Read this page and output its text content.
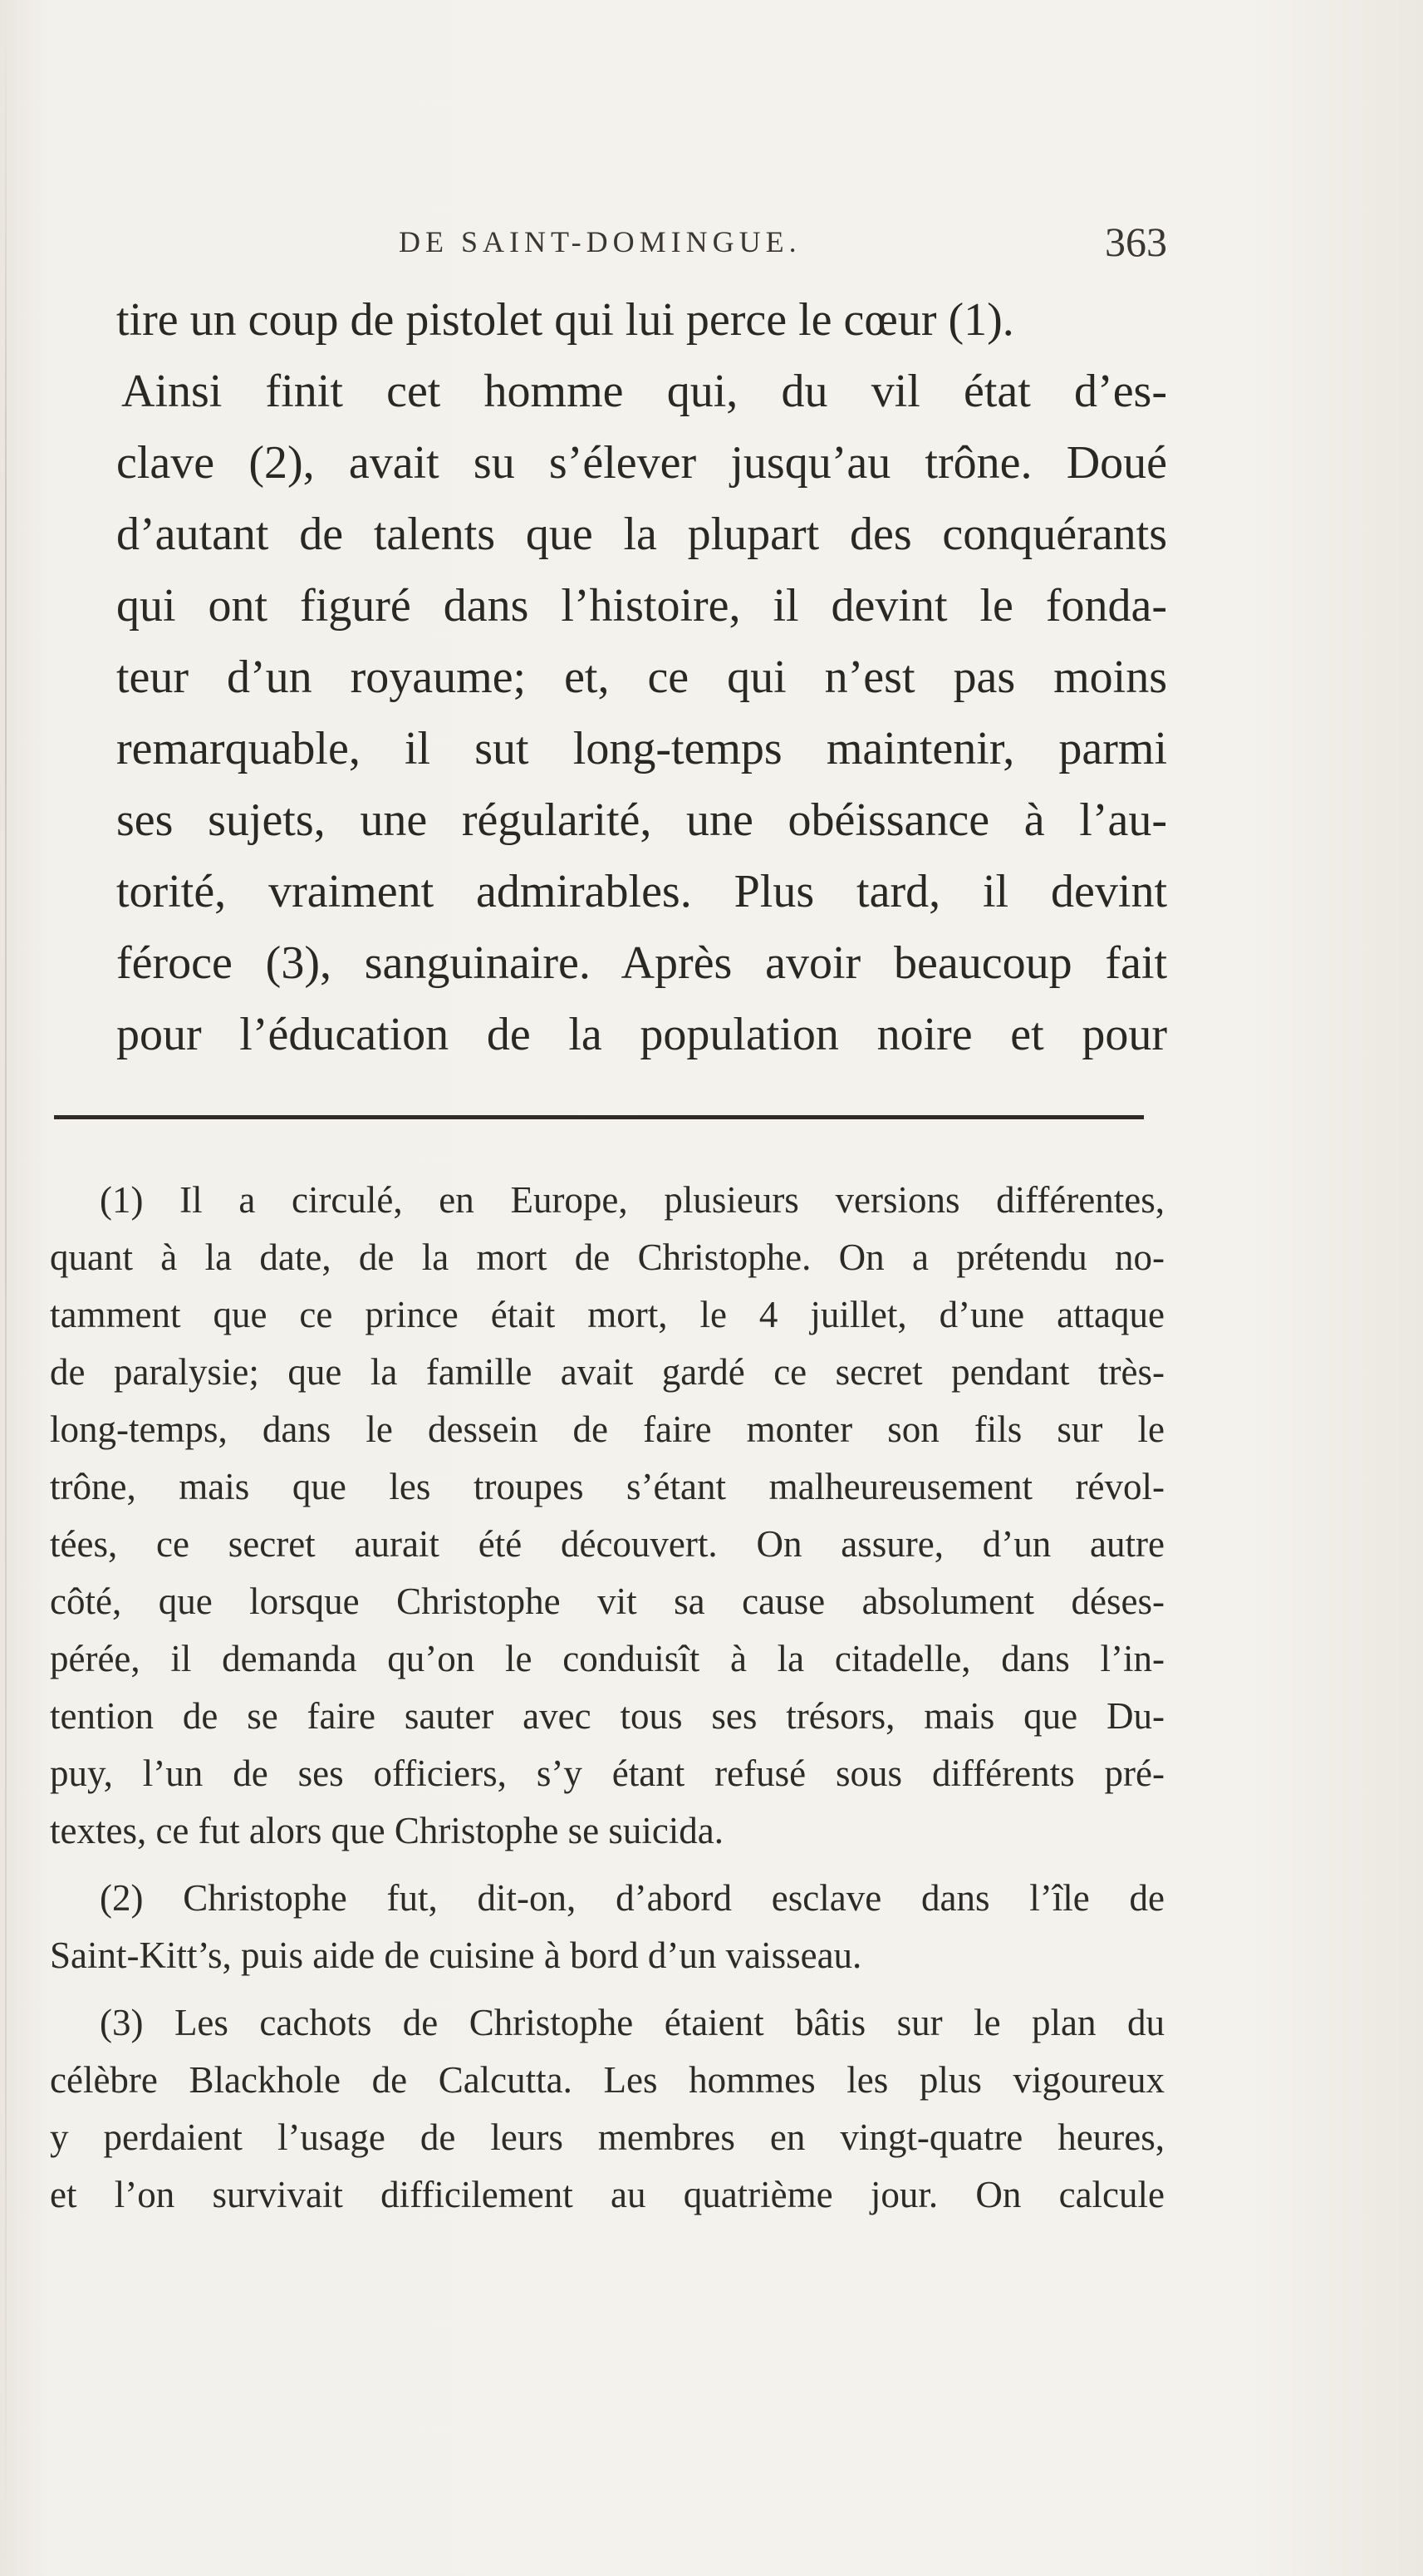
DE SAINT-DOMINGUE.	363
tire un coup de pistolet qui lui perce le cœur (1).
Ainsi finit cet homme qui, du vil état d’es-
clave (2), avait su s’élever jusqu’au trône. Doué
d’autant de talents que la plupart des conquérants
qui ont figuré dans l’histoire, il devint le fonda-
teur d’un royaume; et, ce qui n’est pas moins
remarquable, il sut long-temps maintenir, parmi
ses sujets, une régularité, une obéissance à l’au-
torité, vraiment admirables. Plus tard, il devint
féroce (3), sanguinaire. Après avoir beaucoup fait
pour l’éducation de la population noire et pour
(1) Il a circulé, en Europe, plusieurs versions différentes,
quant à la date, de la mort de Christophe. On a prétendu no-
tamment que ce prince était mort, le 4 juillet, d’une attaque
de paralysie; que la famille avait gardé ce secret pendant très-
long-temps, dans le dessein de faire monter son fils sur le
trône, mais que les troupes s’étant malheureusement révol-
tées, ce secret aurait été découvert. On assure, d’un autre
côté, que lorsque Christophe vit sa cause absolument déses-
pérée, il demanda qu’on le conduisît à la citadelle, dans l’in-
tention de se faire sauter avec tous ses trésors, mais que Du-
puy, l’un de ses officiers, s’y étant refusé sous différents pré-
textes, ce fut alors que Christophe se suicida.
(2) Christophe fut, dit-on, d’abord esclave dans l’île de
Saint-Kitt’s, puis aide de cuisine à bord d’un vaisseau.
(3) Les cachots de Christophe étaient bâtis sur le plan du
célèbre Blackhole de Calcutta. Les hommes les plus vigoureux
y perdaient l’usage de leurs membres en vingt-quatre heures,
et l’on survivait difficilement au quatrième jour. On calcule
